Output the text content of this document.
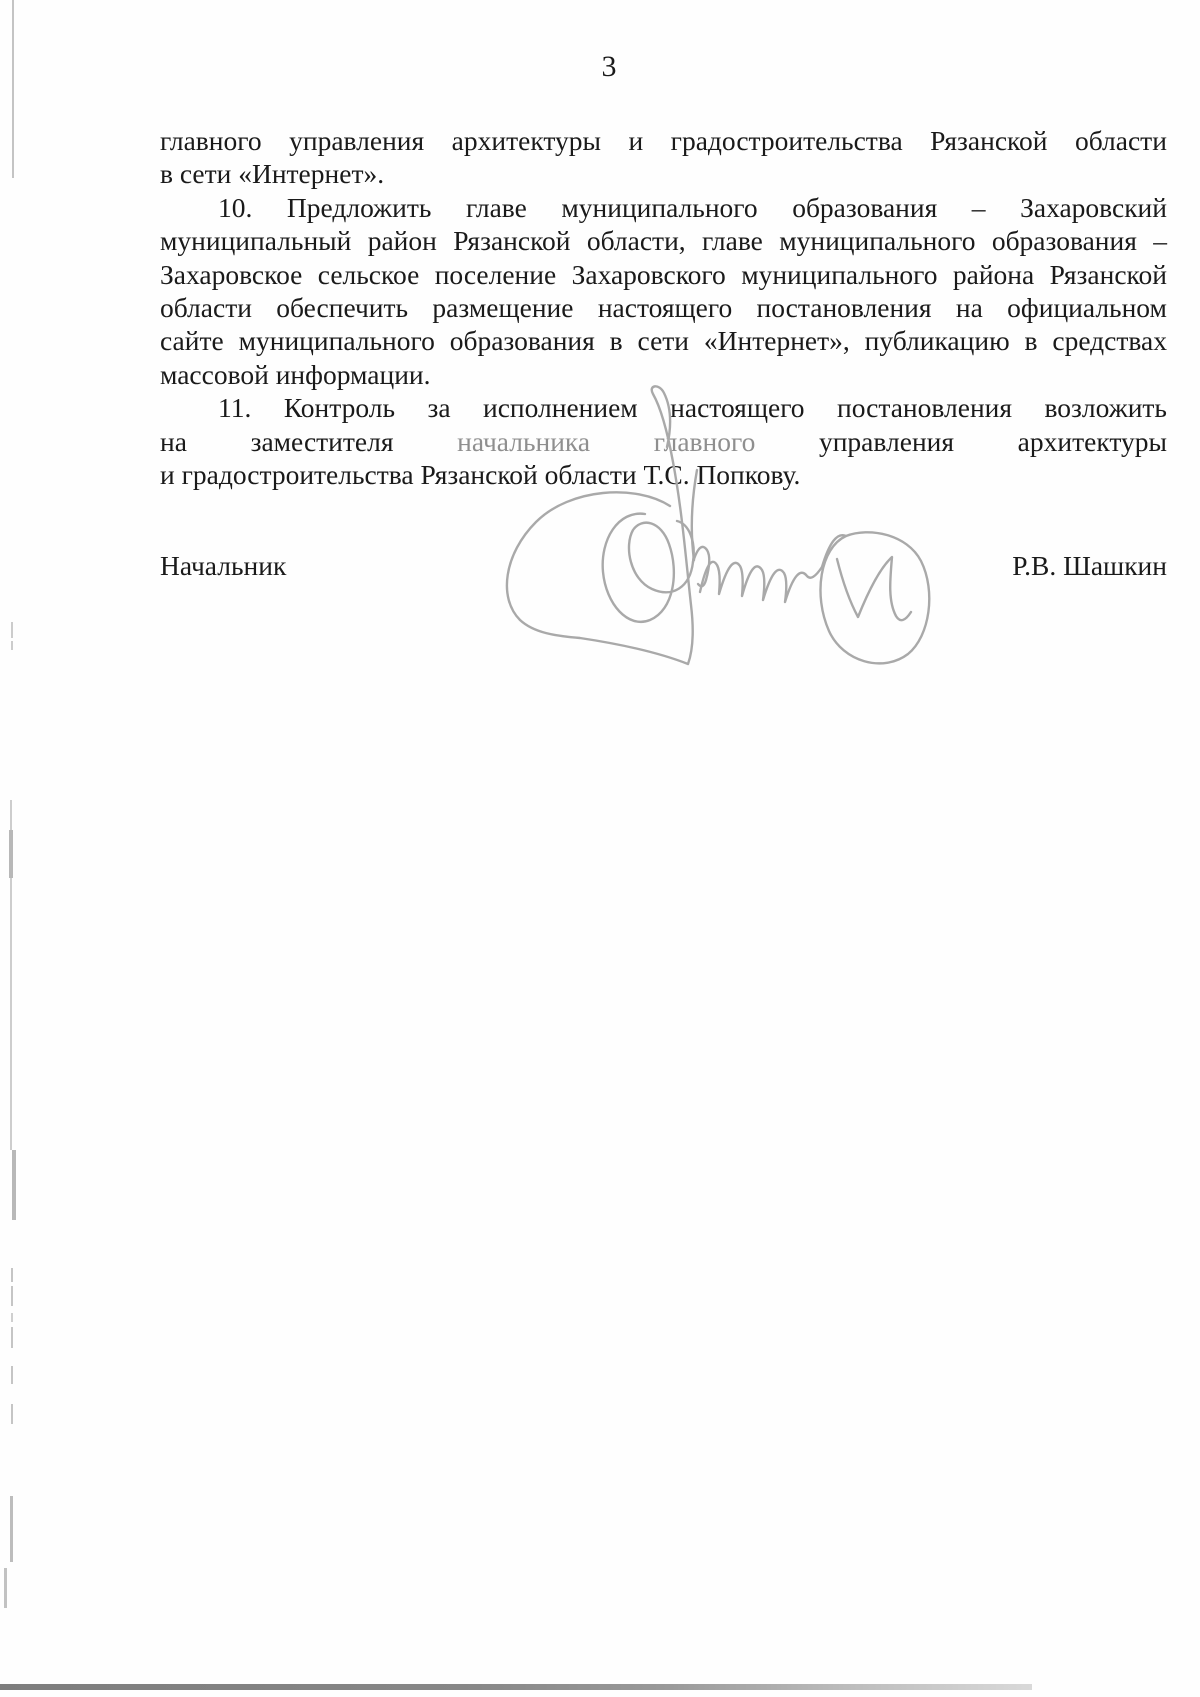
3
главного управления архитектуры и градостроительства Рязанской области
в сети «Интернет».
10. Предложить главе муниципального образования – Захаровский
муниципальный район Рязанской области, главе муниципального образования –
Захаровское сельское поселение Захаровского муниципального района Рязанской
области обеспечить размещение настоящего постановления на официальном
сайте муниципального образования в сети «Интернет», публикацию в средствах
массовой информации.
11. Контроль за исполнением настоящего постановления возложить
на заместителя начальника главного управления архитектуры
и градостроительства Рязанской области Т.С. Попкову.
Начальник	Р.В. Шашкин
